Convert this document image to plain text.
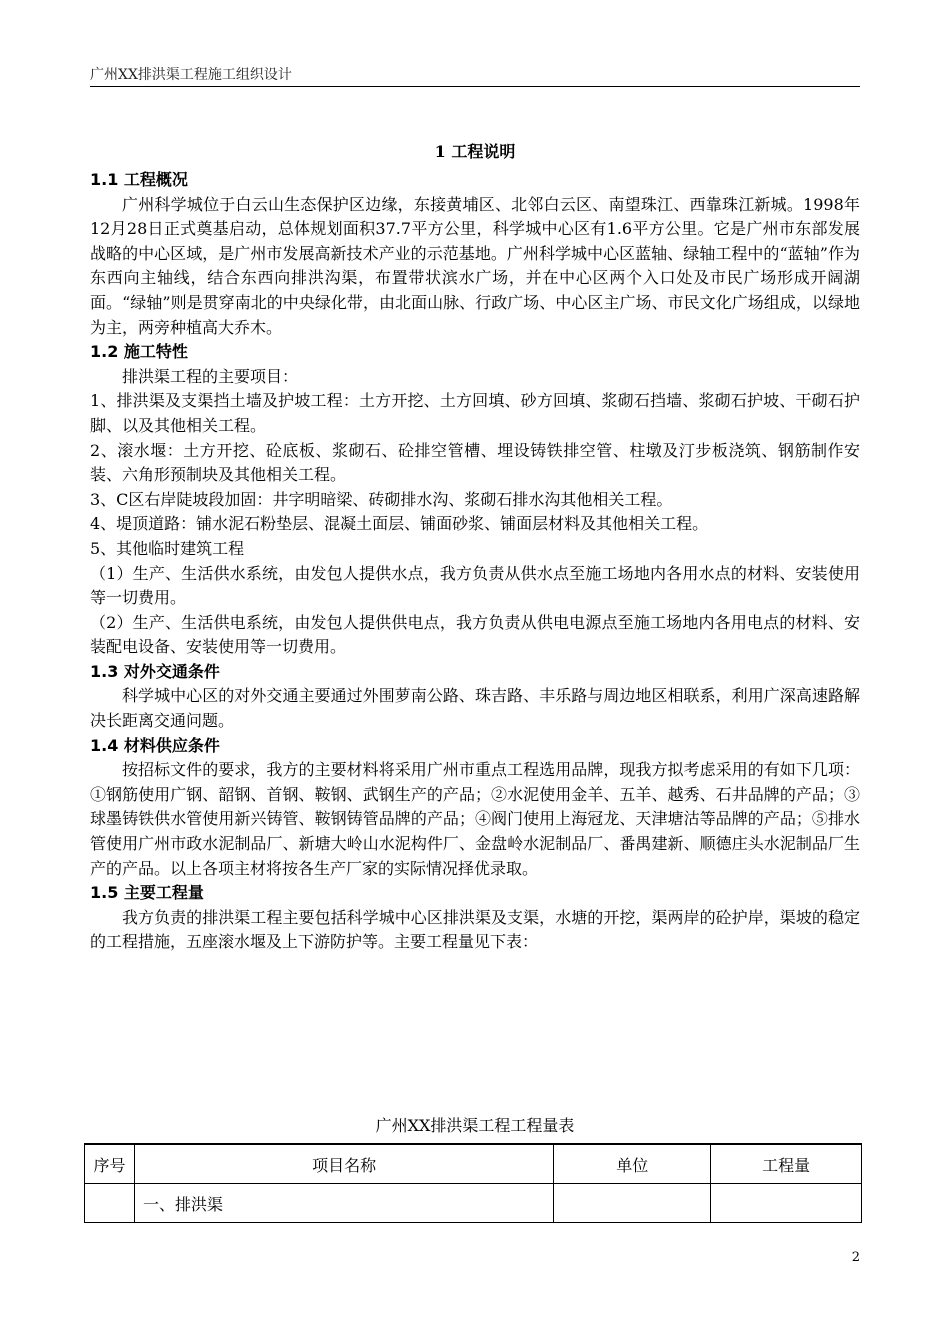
广州XX排洪渠工程施工组织设计
1 工程说明
1.1 工程概况

广州科学城位于白云山生态保护区边缘，东接黄埔区、北邻白云区、南望珠江、西靠珠江新城。1998年12月28日正式奠基启动，总体规划面积37.7平方公里，科学城中心区有1.6平方公里。它是广州市东部发展战略的中心区域，是广州市发展高新技术产业的示范基地。广州科学城中心区蓝轴、绿轴工程中的“蓝轴”作为东西向主轴线，结合东西向排洪沟渠，布置带状滨水广场，并在中心区两个入口处及市民广场形成开阔湖面。“绿轴”则是贯穿南北的中央绿化带，由北面山脉、行政广场、中心区主广场、市民文化广场组成，以绿地为主，两旁种植高大乔木。

1.2 施工特性

排洪渠工程的主要项目：

1、排洪渠及支渠挡土墙及护坡工程：土方开挖、土方回填、砂方回填、浆砌石挡墙、浆砌石护坡、干砌石护脚、以及其他相关工程。

2、滚水堰：土方开挖、砼底板、浆砌石、砼排空管槽、埋设铸铁排空管、柱墩及汀步板浇筑、钢筋制作安装、六角形预制块及其他相关工程。

3、C区右岸陡坡段加固：井字明暗梁、砖砌排水沟、浆砌石排水沟其他相关工程。

4、堤顶道路：铺水泥石粉垫层、混凝土面层、铺面砂浆、铺面层材料及其他相关工程。

5、其他临时建筑工程

（1）生产、生活供水系统，由发包人提供水点，我方负责从供水点至施工场地内各用水点的材料、安装使用等一切费用。

（2）生产、生活供电系统，由发包人提供供电点，我方负责从供电电源点至施工场地内各用电点的材料、安装配电设备、安装使用等一切费用。

1.3 对外交通条件

科学城中心区的对外交通主要通过外围萝南公路、珠吉路、丰乐路与周边地区相联系，利用广深高速路解决长距离交通问题。

1.4 材料供应条件

按招标文件的要求，我方的主要材料将采用广州市重点工程选用品牌，现我方拟考虑采用的有如下几项：①钢筋使用广钢、韶钢、首钢、鞍钢、武钢生产的产品；②水泥使用金羊、五羊、越秀、石井品牌的产品；③球墨铸铁供水管使用新兴铸管、鞍钢铸管品牌的产品；④阀门使用上海冠龙、天津塘沽等品牌的产品；⑤排水管使用广州市政水泥制品厂、新塘大岭山水泥构件厂、金盘岭水泥制品厂、番禺建新、顺德庄头水泥制品厂生产的产品。以上各项主材将按各生产厂家的实际情况择优录取。

1.5 主要工程量

我方负责的排洪渠工程主要包括科学城中心区排洪渠及支渠，水塘的开挖，渠两岸的砼护岸，渠坡的稳定的工程措施，五座滚水堰及上下游防护等。主要工程量见下表：

广州XX排洪渠工程工程量表
序号	项目名称	单位	工程量
	一、排洪渠		
2
